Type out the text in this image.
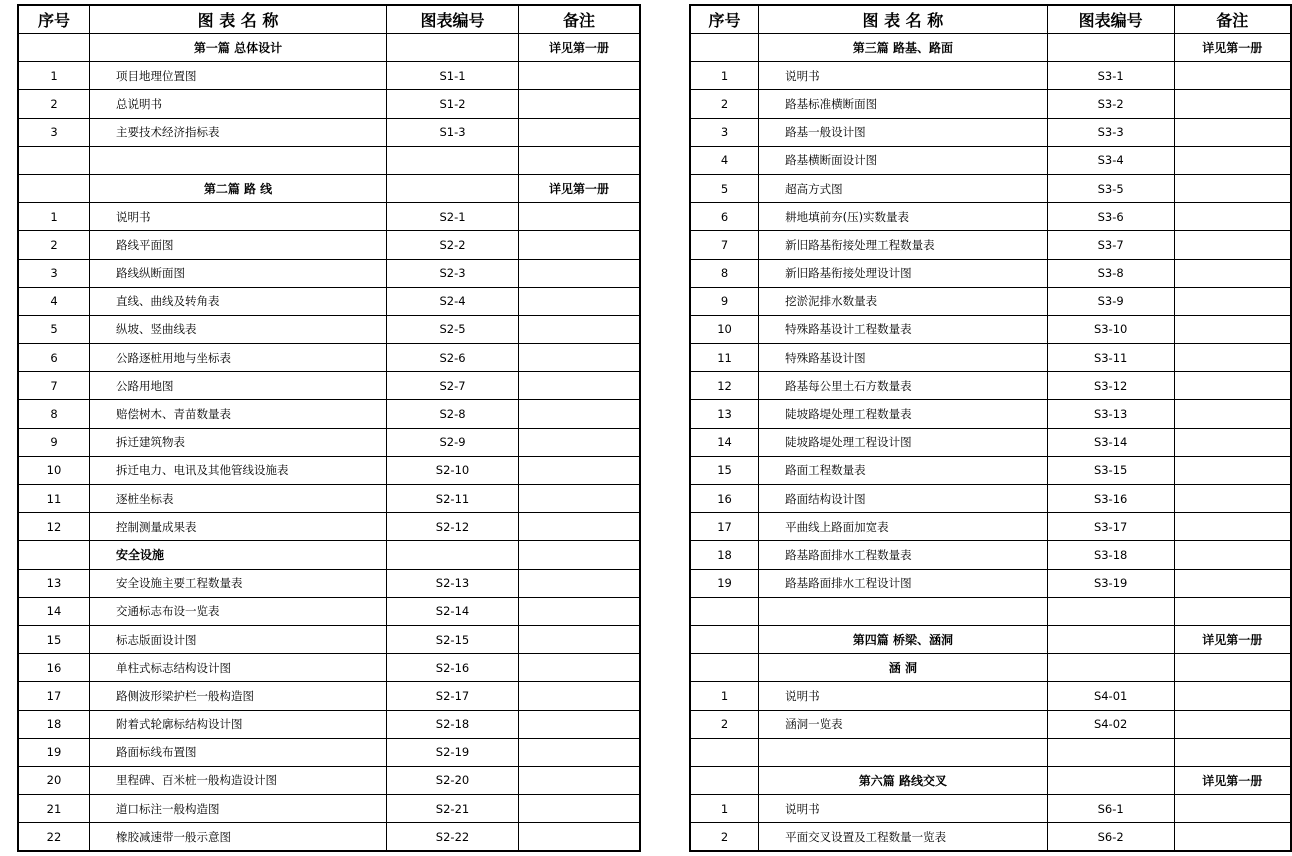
序号	图 表 名 称	图表编号	备注
	第一篇 总体设计		详见第一册
1	项目地理位置图	S1-1	
2	总说明书	S1-2	
3	主要技术经济指标表	S1-3	

	第二篇 路 线		详见第一册
1	说明书	S2-1	
2	路线平面图	S2-2	
3	路线纵断面图	S2-3	
4	直线、曲线及转角表	S2-4	
5	纵坡、竖曲线表	S2-5	
6	公路逐桩用地与坐标表	S2-6	
7	公路用地图	S2-7	
8	赔偿树木、青苗数量表	S2-8	
9	拆迁建筑物表	S2-9	
10	拆迁电力、电讯及其他管线设施表	S2-10	
11	逐桩坐标表	S2-11	
12	控制测量成果表	S2-12	
	安全设施		
13	安全设施主要工程数量表	S2-13	
14	交通标志布设一览表	S2-14	
15	标志版面设计图	S2-15	
16	单柱式标志结构设计图	S2-16	
17	路侧波形梁护栏一般构造图	S2-17	
18	附着式轮廓标结构设计图	S2-18	
19	路面标线布置图	S2-19	
20	里程碑、百米桩一般构造设计图	S2-20	
21	道口标注一般构造图	S2-21	
22	橡胶减速带一般示意图	S2-22	
序号	图 表 名 称	图表编号	备注
	第三篇 路基、路面		详见第一册
1	说明书	S3-1	
2	路基标准横断面图	S3-2	
3	路基一般设计图	S3-3	
4	路基横断面设计图	S3-4	
5	超高方式图	S3-5	
6	耕地填前夯(压)实数量表	S3-6	
7	新旧路基衔接处理工程数量表	S3-7	
8	新旧路基衔接处理设计图	S3-8	
9	挖淤泥排水数量表	S3-9	
10	特殊路基设计工程数量表	S3-10	
11	特殊路基设计图	S3-11	
12	路基每公里土石方数量表	S3-12	
13	陡坡路堤处理工程数量表	S3-13	
14	陡坡路堤处理工程设计图	S3-14	
15	路面工程数量表	S3-15	
16	路面结构设计图	S3-16	
17	平曲线上路面加宽表	S3-17	
18	路基路面排水工程数量表	S3-18	
19	路基路面排水工程设计图	S3-19	

	第四篇 桥梁、涵洞		详见第一册
	涵 洞		
1	说明书	S4-01	
2	涵洞一览表	S4-02	

	第六篇 路线交叉		详见第一册
1	说明书	S6-1	
2	平面交叉设置及工程数量一览表	S6-2	
